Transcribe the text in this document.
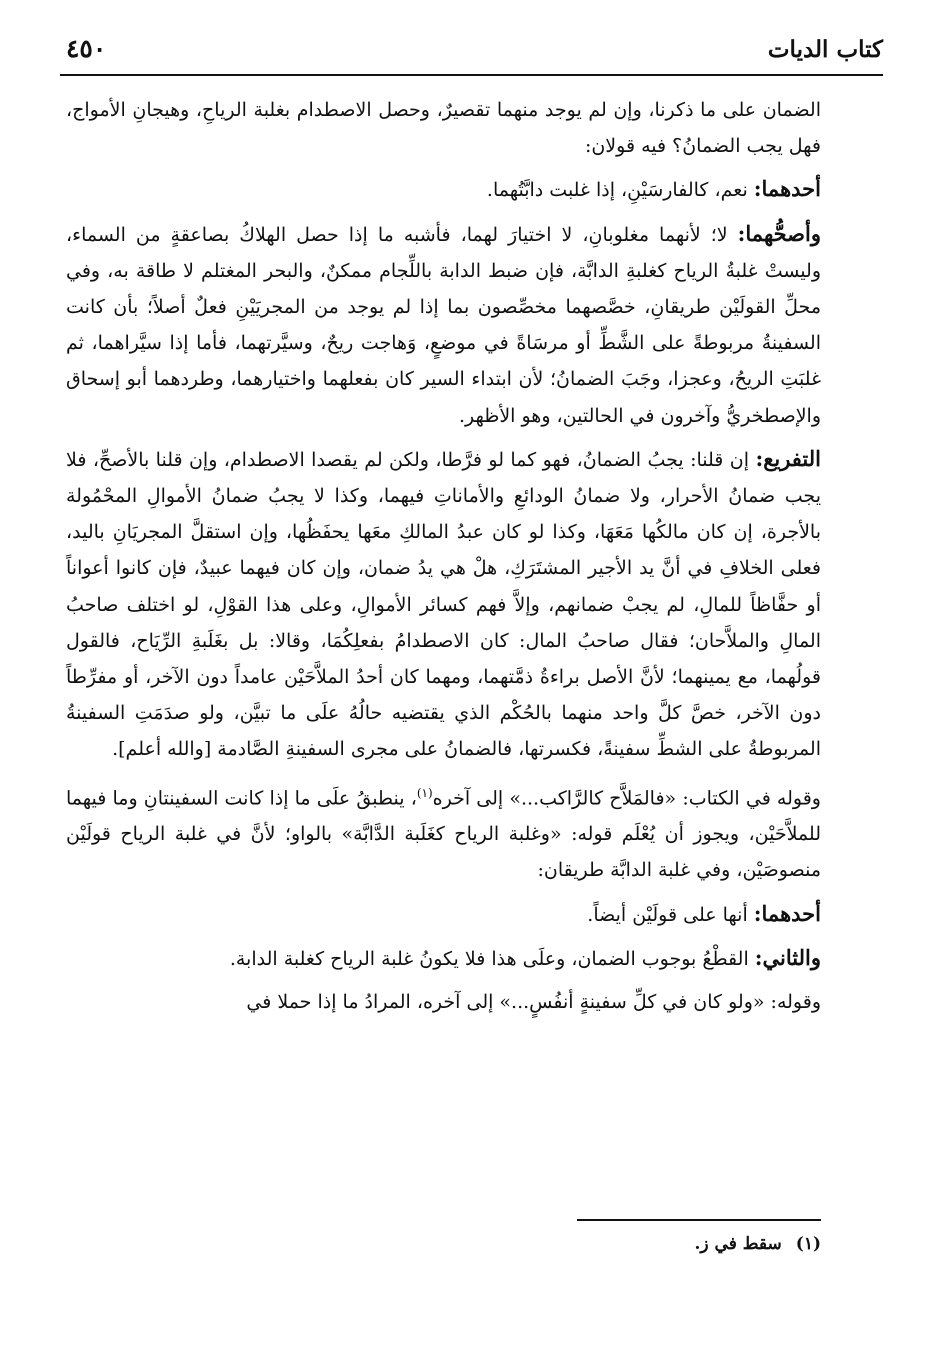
كتاب الديات
٤٥٠

الضمان على ما ذكرنا، وإن لم يوجد منهما تقصيرٌ، وحصل الاصطدام بغلبة الرياحِ، وهيجانِ الأمواج، فهل يجب الضمانُ؟ فيه قولان:

أحدهما: نعم، كالفارسَيْنِ، إذا غلبت دابَّتُهما.

وأصحُّهما: لا؛ لأنهما مغلوبانِ، لا اختيارَ لهما، فأشبه ما إذا حصل الهلاكُ بصاعقةٍ من السماء، وليستْ غلبةُ الرياح كغلبةِ الدابَّة، فإن ضبط الدابة باللِّجام ممكنٌ، والبحر المغتلم لا طاقة به، وفي محلِّ القولَيْن طريقانِ، خصَّصهما مخصِّصون بما إذا لم يوجد من المجريَيْنِ فعلٌ أصلاً؛ بأن كانت السفينةُ مربوطةً على الشَّطِّ أو مرسَاةً في موضعٍ، وَهاجت ريحٌ، وسيَّرتهما، فأما إذا سيَّراهما، ثم غلبَتِ الريحُ، وعجزا، وجَبَ الضمانُ؛ لأن ابتداء السير كان بفعلهما واختيارهما، وطردهما أبو إسحاق والإصطخريُّ وآخرون في الحالتين، وهو الأظهر.

التفريع: إن قلنا: يجبُ الضمانُ، فهو كما لو فرَّطا، ولكن لم يقصدا الاصطدام، وإن قلنا بالأصحِّ، فلا يجب ضمانُ الأحرار، ولا ضمانُ الودائعِ والأماناتِ فيهما، وكذا لا يجبُ ضمانُ الأموالِ المحْمُولة بالأجرة، إن كان مالكُها مَعَهَا، وكذا لو كان عبدُ المالكِ معَها يحفَظُها، وإن استقلَّ المجريَانِ باليد، فعلى الخلافِ في أنَّ يد الأجير المشتَرَكِ، هلْ هي يدُ ضمان، وإن كان فيهما عبيدٌ، فإن كانوا أعواناً أو حفَّاظاً للمالِ، لم يجبْ ضمانهم، وإلاَّ فهم كسائر الأموالِ، وعلى هذا القوْلِ، لو اختلف صاحبُ المالِ والملاَّحان؛ فقال صاحبُ المال: كان الاصطدامُ بفعلِكُمَا، وقالا: بل بغَلَبةِ الرِّيَاح، فالقول قولُهما، مع يمينهما؛ لأنَّ الأصل براءةُ ذمَّتهما، ومهما كان أحدُ الملاَّحَيْن عامداً دون الآخر، أو مفرِّطاً دون الآخر، خصَّ كلَّ واحد منهما بالحُكْم الذي يقتضيه حالُهُ علَى ما تبيَّن، ولو صدَمَتِ السفينةُ المربوطةُ على الشطِّ سفينةً، فكسرتها، فالضمانُ على مجرى السفينةِ الصَّادمة [والله أعلم].

وقوله في الكتاب: «فالمَلاَّح كالرَّاكب...» إلى آخره$^{(١)}$، ينطبقُ علَى ما إذا كانت السفينتانِ وما فيهما للملاَّحَيْن، ويجوز أن يُعْلَم قوله: «وغلبة الرياح كغَلَبة الدَّابَّة» بالواو؛ لأنَّ في غلبة الرياح قولَيْن منصوصَيْن، وفي غلبة الدابَّة طريقان:

أحدهما: أنها على قولَيْن أيضاً.

والثاني: القطْعُ بوجوب الضمان، وعلَى هذا فلا يكونُ غلبة الرياح كغلبة الدابة.

وقوله: «ولو كان في كلِّ سفينةٍ أنفُسٍ...» إلى آخره، المرادُ ما إذا حملا في

(١)سقط في ز.
